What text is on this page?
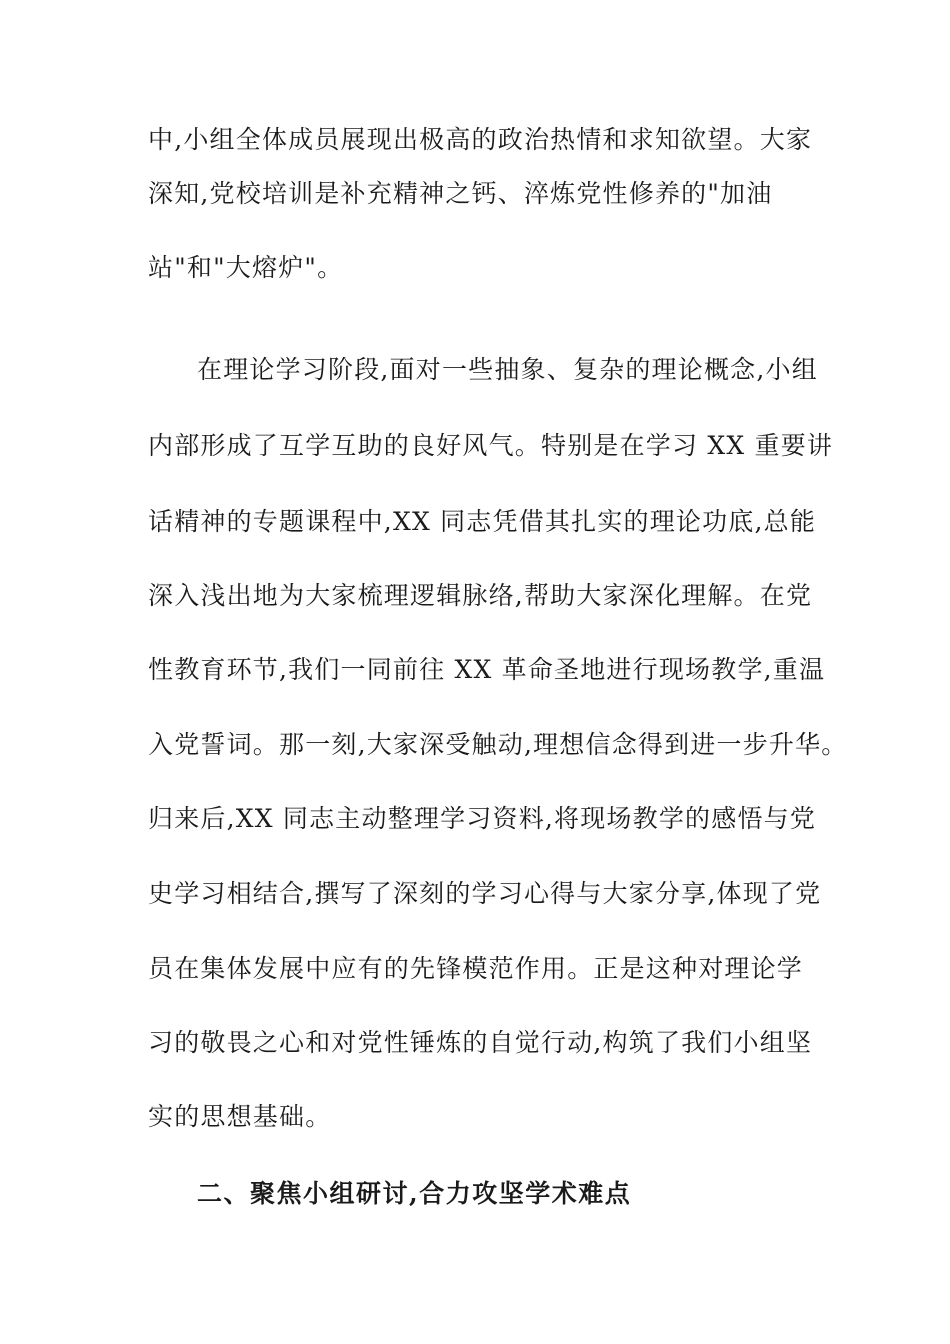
中,小组全体成员展现出极高的政治热情和求知欲望。大家
深知,党校培训是补充精神之钙、淬炼党性修养的"加油
站"和"大熔炉"。
在理论学习阶段,面对一些抽象、复杂的理论概念,小组
内部形成了互学互助的良好风气。特别是在学习 XX 重要讲
话精神的专题课程中,XX 同志凭借其扎实的理论功底,总能
深入浅出地为大家梳理逻辑脉络,帮助大家深化理解。在党
性教育环节,我们一同前往 XX 革命圣地进行现场教学,重温
入党誓词。那一刻,大家深受触动,理想信念得到进一步升华。
归来后,XX 同志主动整理学习资料,将现场教学的感悟与党
史学习相结合,撰写了深刻的学习心得与大家分享,体现了党
员在集体发展中应有的先锋模范作用。正是这种对理论学
习的敬畏之心和对党性锤炼的自觉行动,构筑了我们小组坚
实的思想基础。
二、聚焦小组研讨,合力攻坚学术难点
